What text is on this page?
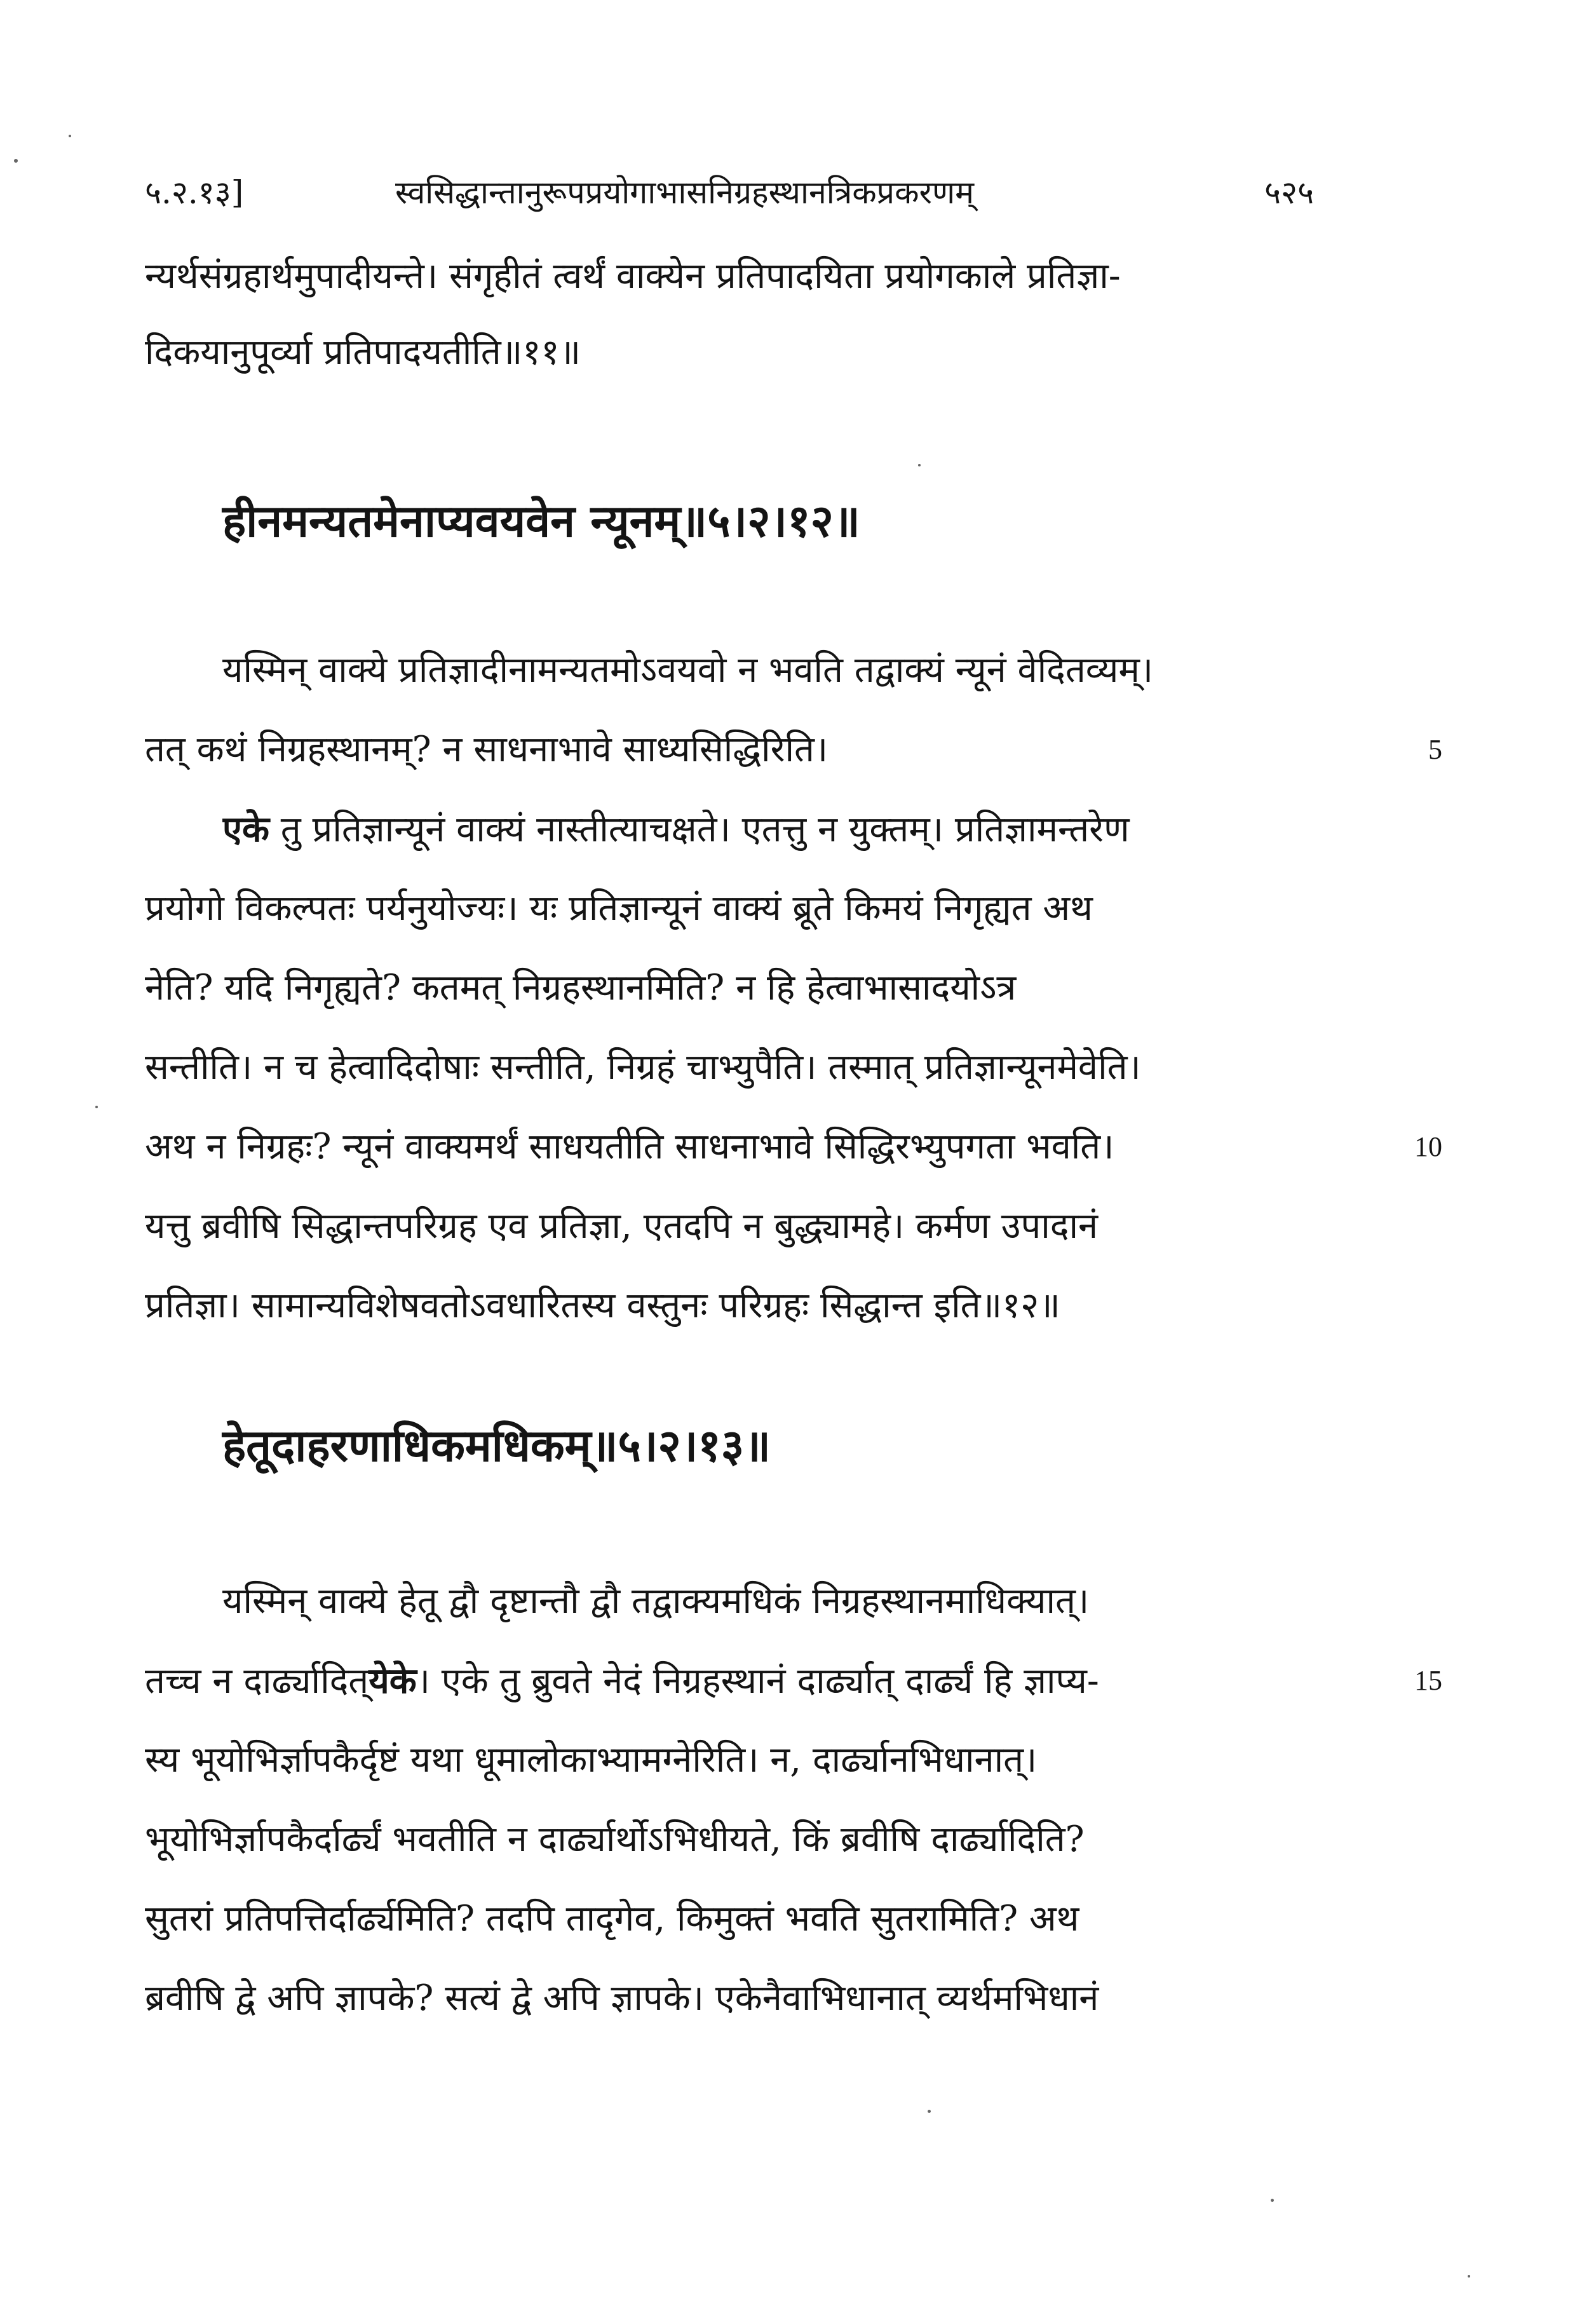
५.२.१३]	स्वसिद्धान्तानुरूपप्रयोगाभासनिग्रहस्थानत्रिकप्रकरणम्	५२५
न्यर्थसंग्रहार्थमुपादीयन्ते। संगृहीतं त्वर्थं वाक्येन प्रतिपादयिता प्रयोगकाले प्रतिज्ञा-
दिकयानुपूर्व्या प्रतिपादयतीति॥११॥
हीनमन्यतमेनाप्यवयवेन न्यूनम्॥५।२।१२॥
यस्मिन् वाक्ये प्रतिज्ञादीनामन्यतमोऽवयवो न भवति तद्वाक्यं न्यूनं वेदितव्यम्।
तत् कथं निग्रहस्थानम्? न साधनाभावे साध्यसिद्धिरिति।	5
एके तु प्रतिज्ञान्यूनं वाक्यं नास्तीत्याचक्षते। एतत्तु न युक्तम्। प्रतिज्ञामन्तरेण
प्रयोगो विकल्पतः पर्यनुयोज्यः। यः प्रतिज्ञान्यूनं वाक्यं ब्रूते किमयं निगृह्यत अथ
नेति? यदि निगृह्यते? कतमत् निग्रहस्थानमिति? न हि हेत्वाभासादयोऽत्र
सन्तीति। न च हेत्वादिदोषाः सन्तीति, निग्रहं चाभ्युपैति। तस्मात् प्रतिज्ञान्यूनमेवेति।
अथ न निग्रहः? न्यूनं वाक्यमर्थं साधयतीति साधनाभावे सिद्धिरभ्युपगता भवति।	10
यत्तु ब्रवीषि सिद्धान्तपरिग्रह एव प्रतिज्ञा, एतदपि न बुद्ध्यामहे। कर्मण उपादानं
प्रतिज्ञा। सामान्यविशेषवतोऽवधारितस्य वस्तुनः परिग्रहः सिद्धान्त इति॥१२॥
हेतूदाहरणाधिकमधिकम्॥५।२।१३॥
यस्मिन् वाक्ये हेतू द्वौ दृष्टान्तौ द्वौ तद्वाक्यमधिकं निग्रहस्थानमाधिक्यात्।
तच्च न दार्ढ्यादित्येके। एके तु ब्रुवते नेदं निग्रहस्थानं दार्ढ्यात् दार्ढ्यं हि ज्ञाप्य-	15
स्य भूयोभिर्ज्ञापकैर्दृष्टं यथा धूमालोकाभ्यामग्नेरिति। न, दार्ढ्यानभिधानात्।
भूयोभिर्ज्ञापकैर्दार्ढ्यं भवतीति न दार्ढ्यार्थोऽभिधीयते, किं ब्रवीषि दार्ढ्यादिति?
सुतरां प्रतिपत्तिर्दार्ढ्यमिति? तदपि तादृगेव, किमुक्तं भवति सुतरामिति? अथ
ब्रवीषि द्वे अपि ज्ञापके? सत्यं द्वे अपि ज्ञापके। एकेनैवाभिधानात् व्यर्थमभिधानं
